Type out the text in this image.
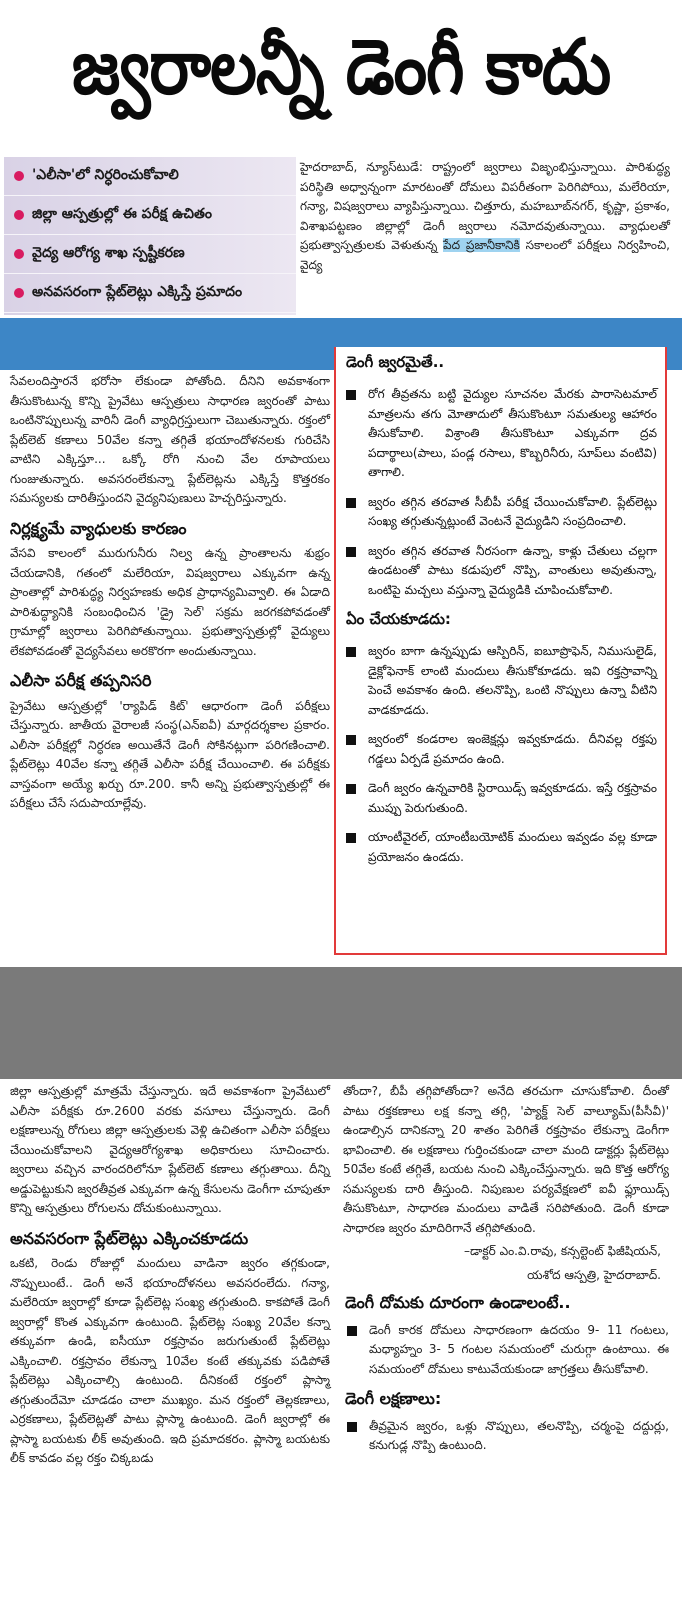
జ్వరాలన్నీ డెంగీ కాదు
'ఎలీసా'లో నిర్ధరించుకోవాలి
జిల్లా ఆస్పత్రుల్లో ఈ పరీక్ష ఉచితం
వైద్య ఆరోగ్య శాఖ స్పష్టీకరణ
అనవసరంగా ప్లేట్‌లెట్లు ఎక్కిస్తే ప్రమాదం

హైదరాబాద్, న్యూస్‌టుడే: రాష్ట్రంలో జ్వరాలు విజృంభిస్తున్నాయి. పారిశుద్ధ్య పరిస్థితి అధ్వాన్నంగా మారటంతో దోమలు విపరీతంగా పెరిగిపోయి, మలేరియా, గన్యా, విషజ్వరాలు వ్యాపిస్తున్నాయి. చిత్తూరు, మహబూబ్‌నగర్, కృష్ణా, ప్రకాశం, విశాఖపట్టణం జిల్లాల్లో డెంగీ జ్వరాలు నమోదవుతున్నాయి. వ్యాధులతో ప్రభుత్వాస్పత్రులకు వెళుతున్న పేద ప్రజానీకానికి సకాలంలో పరీక్షలు నిర్వహించి, వైద్య

డెంగీ జ్వరమైతే..
రోగ తీవ్రతను బట్టి వైద్యుల సూచనల మేరకు పారాసెటమాల్ మాత్రలను తగు మోతాదులో తీసుకొంటూ సమతుల్య ఆహారం తీసుకోవాలి. విశ్రాంతి తీసుకొంటూ ఎక్కువగా ద్రవ పదార్థాలు(పాలు, పండ్ల రసాలు, కొబ్బరినీరు, సూప్‌లు వంటివి) తాగాలి.
జ్వరం తగ్గిన తరవాత సీబీపీ పరీక్ష చేయించుకోవాలి. ప్లేట్‌లెట్లు సంఖ్య తగ్గుతున్నట్లుంటే వెంటనే వైద్యుడిని సంప్రదించాలి.
జ్వరం తగ్గిన తరవాత నీరసంగా ఉన్నా, కాళ్లు చేతులు చల్లగా ఉండటంతో పాటు కడుపులో నొప్పి, వాంతులు అవుతున్నా, ఒంటిపై మచ్చలు వస్తున్నా వైద్యుడికి చూపించుకోవాలి.
ఏం చేయకూడదు:
జ్వరం బాగా ఉన్నప్పుడు ఆస్పిరిన్, ఐబూప్రొఫెన్, నిముసులైడ్, డైక్లోఫెనాక్ లాంటి మందులు తీసుకోకూడదు. ఇవి రక్తస్రావాన్ని పెంచే అవకాశం ఉంది. తలనొప్పి, ఒంటి నొప్పులు ఉన్నా వీటిని వాడకూడదు.
జ్వరంలో కండరాల ఇంజెక్షన్లు ఇవ్వకూడదు. దీనివల్ల రక్తపు గడ్డలు ఏర్పడే ప్రమాదం ఉంది.
డెంగీ జ్వరం ఉన్నవారికి స్టిరాయిడ్స్ ఇవ్వకూడదు. ఇస్తే రక్తస్రావం ముప్పు పెరుగుతుంది.
యాంటీవైరల్, యాంటీబయోటిక్ మందులు ఇవ్వడం వల్ల కూడా ప్రయోజనం ఉండదు.

సేవలందిస్తారనే భరోసా లేకుండా పోతోంది. దీనిని అవకాశంగా తీసుకొంటున్న కొన్ని ప్రైవేటు ఆస్పత్రులు సాధారణ జ్వరంతో పాటు ఒంటినొప్పులున్న వారినీ డెంగీ వ్యాధిగ్రస్తులుగా చెబుతున్నారు. రక్తంలో ప్లేట్‌లెట్ కణాలు 50వేల కన్నా తగ్గితే భయాందోళనలకు గురిచేసి వాటిని ఎక్కిస్తూ... ఒక్కో రోగి నుంచి వేల రూపాయలు గుంజుతున్నారు. అవసరంలేకున్నా ప్లేట్‌లెట్లను ఎక్కిస్తే కొత్తరకం సమస్యలకు దారితీస్తుందని వైద్యనిపుణులు హెచ్చరిస్తున్నారు.

నిర్లక్ష్యమే వ్యాధులకు కారణం

వేసవి కాలంలో మురుగునీరు నిల్వ ఉన్న ప్రాంతాలను శుభ్రం చేయడానికి, గతంలో మలేరియా, విషజ్వరాలు ఎక్కువగా ఉన్న ప్రాంతాల్లో పారిశుద్ధ్య నిర్వహణకు అధిక ప్రాధాన్యమివ్వాలి. ఈ ఏడాది పారిశుద్ధ్యానికి సంబంధించిన 'డ్రై సెల్' సక్రమ జరగకపోవడంతో గ్రామాల్లో జ్వరాలు పెరిగిపోతున్నాయి. ప్రభుత్వాస్పత్రుల్లో వైద్యులు లేకపోవడంతో వైద్యసేవలు అరకొరగా అందుతున్నాయి.

ఎలీసా పరీక్ష తప్పనిసరి

ప్రైవేటు ఆస్పత్రుల్లో 'ర్యాపిడ్ కిట్' ఆధారంగా డెంగీ పరీక్షలు చేస్తున్నారు. జాతీయ వైరాలజీ సంస్థ(ఎన్ఐవీ) మార్గదర్శకాల ప్రకారం. ఎలీసా పరీక్షల్లో నిర్ధరణ అయితేనే డెంగీ సోకినట్లుగా పరిగణించాలి. ప్లేట్‌లెట్లు 40వేల కన్నా తగ్గితే ఎలీసా పరీక్ష చేయించాలి. ఈ పరీక్షకు వాస్తవంగా అయ్యే ఖర్చు రూ.200. కానీ అన్ని ప్రభుత్వాస్పత్రుల్లో ఈ పరీక్షలు చేసే సదుపాయాల్లేవు.

జిల్లా ఆస్పత్రుల్లో మాత్రమే చేస్తున్నారు. ఇదే అవకాశంగా ప్రైవేటులో ఎలీసా పరీక్షకు రూ.2600 వరకు వసూలు చేస్తున్నారు. డెంగీ లక్షణాలున్న రోగులు జిల్లా ఆస్పత్రులకు వెళ్లి ఉచితంగా ఎలీసా పరీక్షలు చేయించుకోవాలని వైద్యఆరోగ్యశాఖ అధికారులు సూచించారు. జ్వరాలు వచ్చిన వారందరిలోనూ ప్లేట్‌లెట్ కణాలు తగ్గుతాయి. దీన్ని అడ్డుపెట్టుకుని జ్వరతీవ్రత ఎక్కువగా ఉన్న కేసులను డెంగీగా చూపుతూ కొన్ని ఆస్పత్రులు రోగులను దోచుకుంటున్నాయి.

అనవసరంగా ప్లేట్‌లెట్లు ఎక్కించకూడదు

ఒకటి, రెండు రోజుల్లో మందులు వాడినా జ్వరం తగ్గకుండా, నొప్పులుంటే.. డెంగీ అనే భయాందోళనలు అవసరంలేదు. గన్యా, మలేరియా జ్వరాల్లో కూడా ప్లేట్‌లెట్ల సంఖ్య తగ్గుతుంది. కాకపోతే డెంగీ జ్వరాల్లో కొంత ఎక్కువగా ఉంటుంది. ప్లేట్‌లెట్ల సంఖ్య 20వేల కన్నా తక్కువగా ఉండి, ఐసీయూ రక్తస్రావం జరుగుతుంటే ప్లేట్‌లెట్లు ఎక్కించాలి. రక్తస్రావం లేకున్నా 10వేల కంటే తక్కువకు పడిపోతే ప్లేట్‌లెట్లు ఎక్కించాల్సి ఉంటుంది. దీనికంటే రక్తంలో ప్లాస్మా తగ్గుతుందేమో చూడడం చాలా ముఖ్యం. మన రక్తంలో తెల్లకణాలు, ఎర్రకణాలు, ప్లేట్‌లెట్లతో పాటు ప్లాస్మా ఉంటుంది. డెంగీ జ్వరాల్లో ఈ ప్లాస్మా బయటకు లీక్ అవుతుంది. ఇది ప్రమాదకరం. ప్లాస్మా బయటకు లీక్ కావడం వల్ల రక్తం చిక్కబడు

తోందా?, బీపీ తగ్గిపోతోందా? అనేది తరచుగా చూసుకోవాలి. దీంతో పాటు రక్తకణాలు లక్ష కన్నా తగ్గి, 'ప్యాక్డ్ సెల్ వాల్యూమ్(పీసీవీ)' ఉండాల్సిన దానికన్నా 20 శాతం పెరిగితే రక్తస్రావం లేకున్నా డెంగీగా భావించాలి. ఈ లక్షణాలు గుర్తించకుండా చాలా మంది డాక్టర్లు ప్లేట్‌లెట్లు 50వేల కంటే తగ్గితే, బయట నుంచి ఎక్కించేస్తున్నారు. ఇది కొత్త ఆరోగ్య సమస్యలకు దారి తీస్తుంది. నిపుణుల పర్యవేక్షణలో ఐవీ ఫ్లూయిడ్స్ తీసుకొంటూ, సాధారణ మందులు వాడితే సరిపోతుంది. డెంగీ కూడా సాధారణ జ్వరం మాదిరిగానే తగ్గిపోతుంది.

–డాక్టర్ ఎం.వి.రావు, కన్సల్టెంట్ ఫిజీషియన్,
యశోద ఆస్పత్రి, హైదరాబాద్.
డెంగీ దోమకు దూరంగా ఉండాలంటే..
డెంగీ కారక దోమలు సాధారణంగా ఉదయం 9- 11 గంటలు, మధ్యాహ్నం 3- 5 గంటల సమయంలో చురుగ్గా ఉంటాయి. ఈ సమయంలో దోమలు కాటువేయకుండా జాగ్రత్తలు తీసుకోవాలి.
డెంగీ లక్షణాలు:
తీవ్రమైన జ్వరం, ఒళ్లు నొప్పులు, తలనొప్పి, చర్మంపై దద్దుర్లు, కనుగుడ్ల నొప్పి ఉంటుంది.
